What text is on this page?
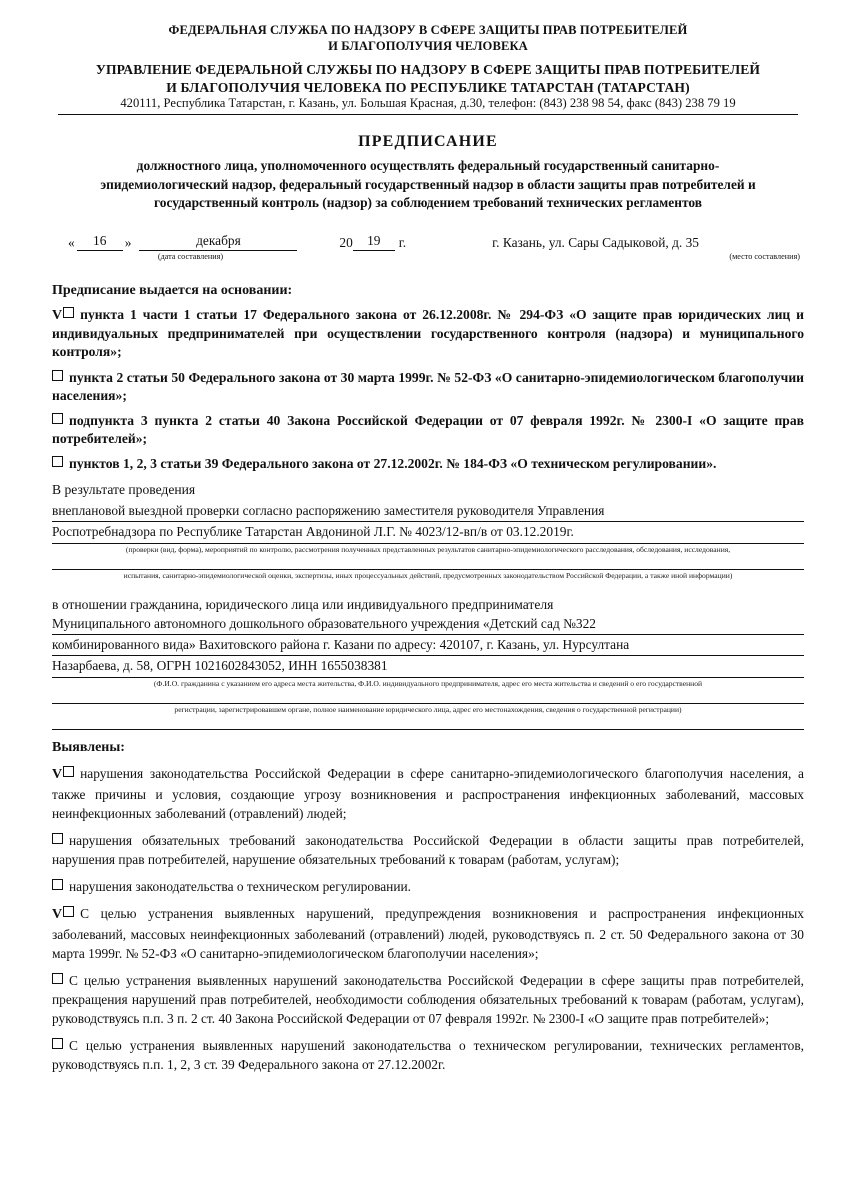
ФЕДЕРАЛЬНАЯ СЛУЖБА ПО НАДЗОРУ В СФЕРЕ ЗАЩИТЫ ПРАВ ПОТРЕБИТЕЛЕЙ
И БЛАГОПОЛУЧИЯ ЧЕЛОВЕКА
УПРАВЛЕНИЕ ФЕДЕРАЛЬНОЙ СЛУЖБЫ ПО НАДЗОРУ В СФЕРЕ ЗАЩИТЫ ПРАВ ПОТРЕБИТЕЛЕЙ
И БЛАГОПОЛУЧИЯ ЧЕЛОВЕКА ПО РЕСПУБЛИКЕ ТАТАРСТАН (ТАТАРСТАН)
420111, Республика Татарстан, г. Казань, ул. Большая Красная, д.30, телефон: (843) 238 98 54, факс (843) 238 79 19
ПРЕДПИСАНИЕ
должностного лица, уполномоченного осуществлять федеральный государственный санитарно-эпидемиологический надзор, федеральный государственный надзор в области защиты прав потребителей и государственный контроль (надзор) за соблюдением требований технических регламентов
«	16	»	декабря	20	19	г.	г. Казань, ул. Сары Садыковой, д. 35
(дата составления)	(место составления)
Предписание выдается на основании:

V пункта 1 части 1 статьи 17 Федерального закона от 26.12.2008г. № 294-ФЗ «О защите прав юридических лиц и индивидуальных предпринимателей при осуществлении государственного контроля (надзора) и муниципального контроля»;

пункта 2 статьи 50 Федерального закона от 30 марта 1999г. № 52-ФЗ «О санитарно-эпидемиологическом благополучии населения»;

подпункта 3 пункта 2 статьи 40 Закона Российской Федерации от 07 февраля 1992г. № 2300-I «О защите прав потребителей»;

пунктов 1, 2, 3 статьи 39 Федерального закона от 27.12.2002г. № 184-ФЗ «О техническом регулировании».

В результате проведения

внеплановой выездной проверки согласно распоряжению заместителя руководителя Управления
Роспотребнадзора по Республике Татарстан Авдониной Л.Г. № 4023/12-вп/в от 03.12.2019г.
(проверки (вид, форма), мероприятий по контролю, рассмотрения полученных представленных результатов санитарно-эпидемиологического расследования, обследования, исследования,
испытания, санитарно-эпидемиологической оценки, экспертизы, иных процессуальных действий, предусмотренных законодательством Российской Федерации, а также иной информации)

в отношении гражданина, юридического лица или индивидуального предпринимателя

Муниципального автономного дошкольного образовательного учреждения «Детский сад №322
комбинированного вида» Вахитовского района г. Казани по адресу: 420107, г. Казань, ул. Нурсултана
Назарбаева, д. 58, ОГРН 1021602843052, ИНН 1655038381
(Ф.И.О. гражданина с указанием его адреса места жительства, Ф.И.О. индивидуального предпринимателя, адрес его места жительства и сведений о его государственной
регистрации, зарегистрировавшем органе, полное наименование юридического лица, адрес его местонахождения, сведения о государственной регистрации)
Выявлены:

V нарушения законодательства Российской Федерации в сфере санитарно-эпидемиологического благополучия населения, а также причины и условия, создающие угрозу возникновения и распространения инфекционных заболеваний, массовых неинфекционных заболеваний (отравлений) людей;

нарушения обязательных требований законодательства Российской Федерации в области защиты прав потребителей, нарушения прав потребителей, нарушение обязательных требований к товарам (работам, услугам);

нарушения законодательства о техническом регулировании.

V С целью устранения выявленных нарушений, предупреждения возникновения и распространения инфекционных заболеваний, массовых неинфекционных заболеваний (отравлений) людей, руководствуясь п. 2 ст. 50 Федерального закона от 30 марта 1999г. № 52-ФЗ «О санитарно-эпидемиологическом благополучии населения»;

С целью устранения выявленных нарушений законодательства Российской Федерации в сфере защиты прав потребителей, прекращения нарушений прав потребителей, необходимости соблюдения обязательных требований к товарам (работам, услугам), руководствуясь п.п. 3 п. 2 ст. 40 Закона Российской Федерации от 07 февраля 1992г. № 2300-I «О защите прав потребителей»;

С целью устранения выявленных нарушений законодательства о техническом регулировании, технических регламентов, руководствуясь п.п. 1, 2, 3 ст. 39 Федерального закона от 27.12.2002г.
